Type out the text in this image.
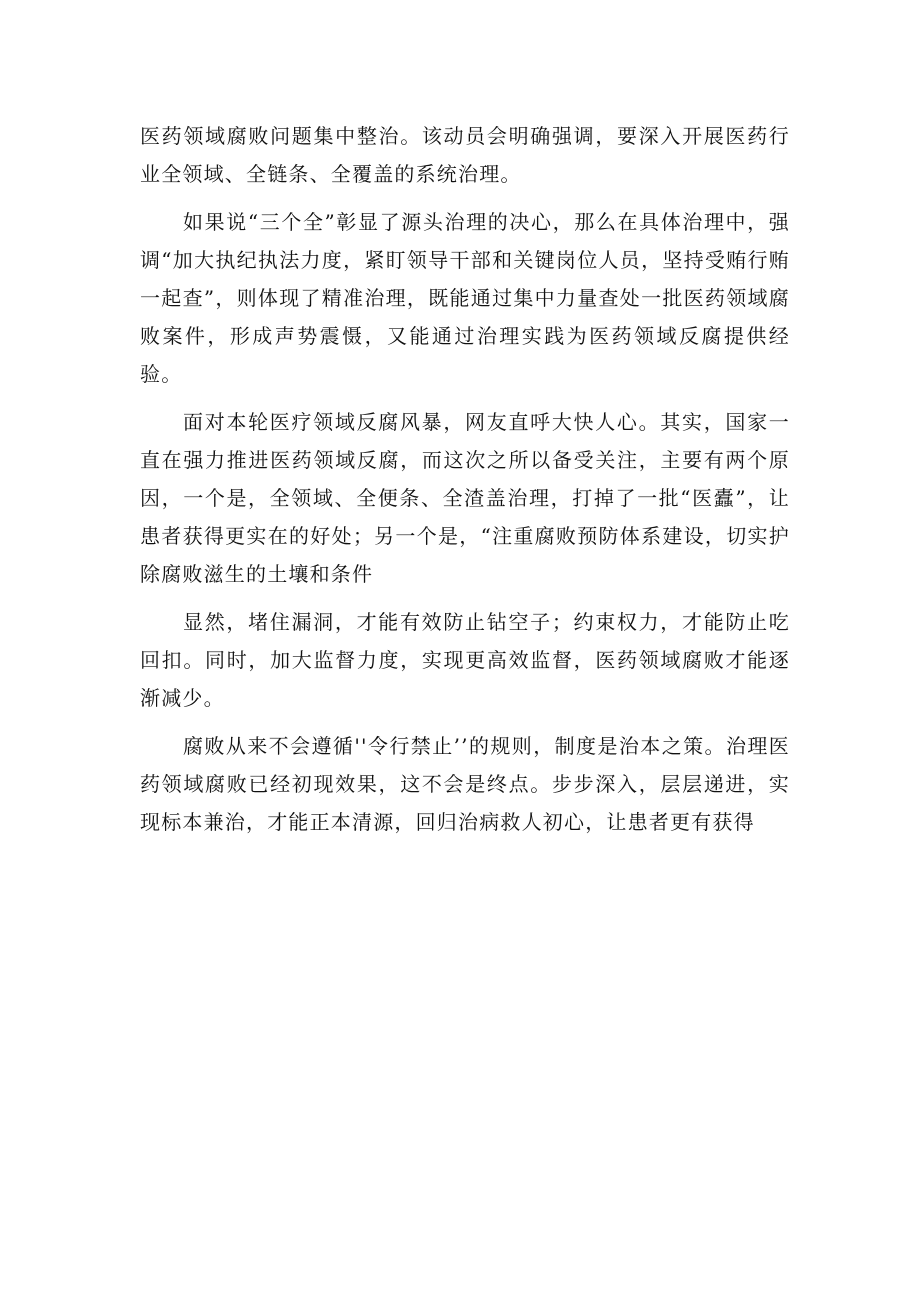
医药领域腐败问题集中整治。该动员会明确强调，要深入开展医药行业全领域、全链条、全覆盖的系统治理。

如果说“三个全”彰显了源头治理的决心，那么在具体治理中，强调“加大执纪执法力度，紧盯领导干部和关键岗位人员，坚持受贿行贿一起查”，则体现了精准治理，既能通过集中力量查处一批医药领域腐败案件，形成声势震慑，又能通过治理实践为医药领域反腐提供经验。

面对本轮医疗领域反腐风暴，网友直呼大快人心。其实，国家一直在强力推进医药领域反腐，而这次之所以备受关注，主要有两个原因，一个是，全领域、全便条、全渣盖治理，打掉了一批“医蠹”，让患者获得更实在的好处；另一个是，“注重腐败预防体系建设，切实护除腐败滋生的土壤和条件

显然，堵住漏洞，才能有效防止钻空子；约束权力，才能防止吃回扣。同时，加大监督力度，实现更高效监督，医药领域腐败才能逐渐减少。

腐败从来不会遵循''令行禁止’’的规则，制度是治本之策。治理医药领域腐败已经初现效果，这不会是终点。步步深入，层层递进，实现标本兼治，才能正本清源，回归治病救人初心，让患者更有获得
